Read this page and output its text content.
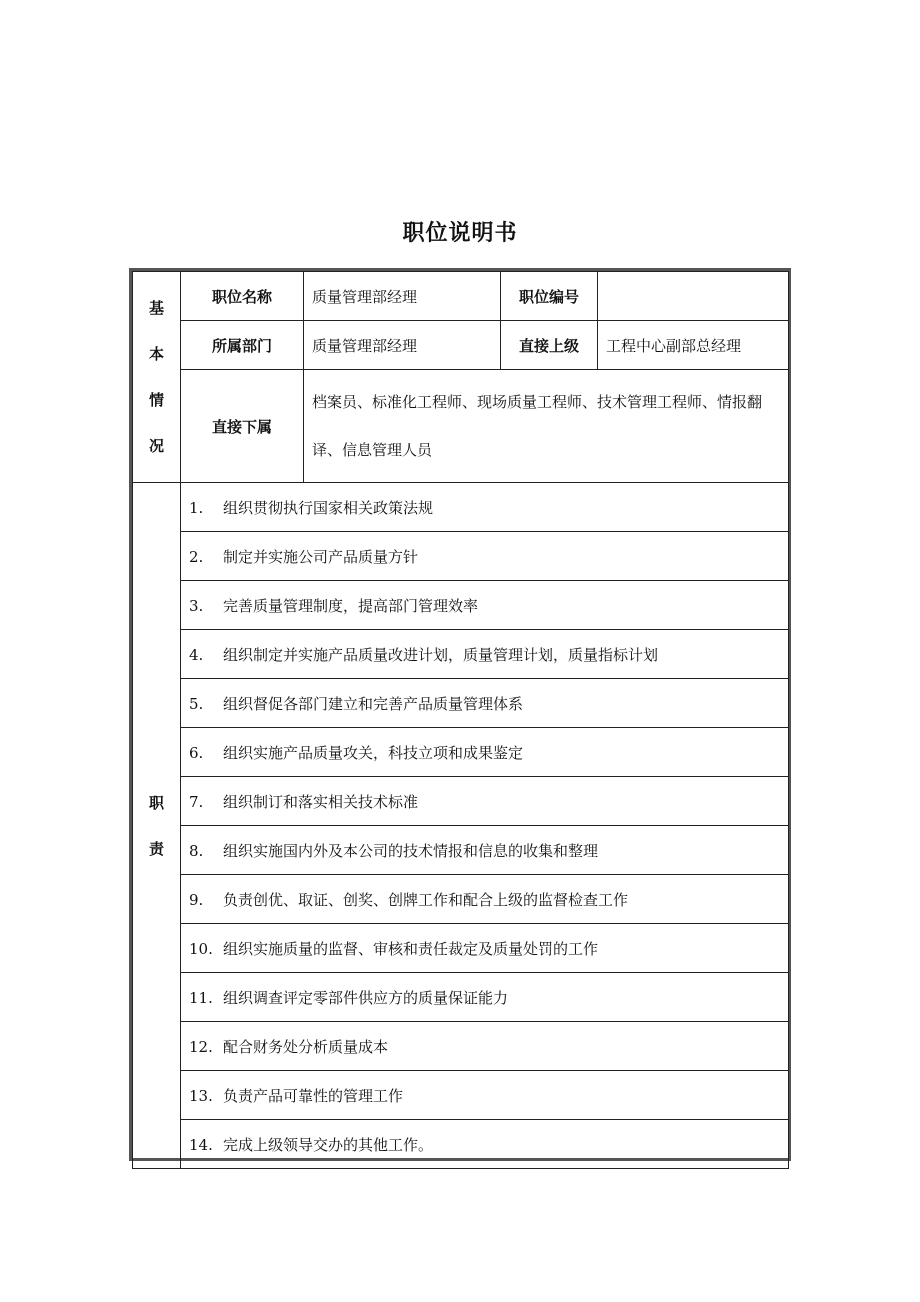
职位说明书
基
本
情
况	职位名称	质量管理部经理	职位编号	
	所属部门	质量管理部经理	直接上级	工程中心副部总经理
	直接下属	档案员、标准化工程师、现场质量工程师、技术管理工程师、情报翻译、信息管理人员		

职
责	1. 组织贯彻执行国家相关政策法规			
	2. 制定并实施公司产品质量方针			
	3. 完善质量管理制度，提高部门管理效率			
	4. 组织制定并实施产品质量改进计划，质量管理计划，质量指标计划			
	5. 组织督促各部门建立和完善产品质量管理体系			
	6. 组织实施产品质量攻关，科技立项和成果鉴定			
	7. 组织制订和落实相关技术标准			
	8. 组织实施国内外及本公司的技术情报和信息的收集和整理			
	9. 负责创优、取证、创奖、创牌工作和配合上级的监督检查工作			
	10. 组织实施质量的监督、审核和责任裁定及质量处罚的工作			
	11. 组织调查评定零部件供应方的质量保证能力			
	12. 配合财务处分析质量成本			
	13. 负责产品可靠性的管理工作			
	14. 完成上级领导交办的其他工作。			
